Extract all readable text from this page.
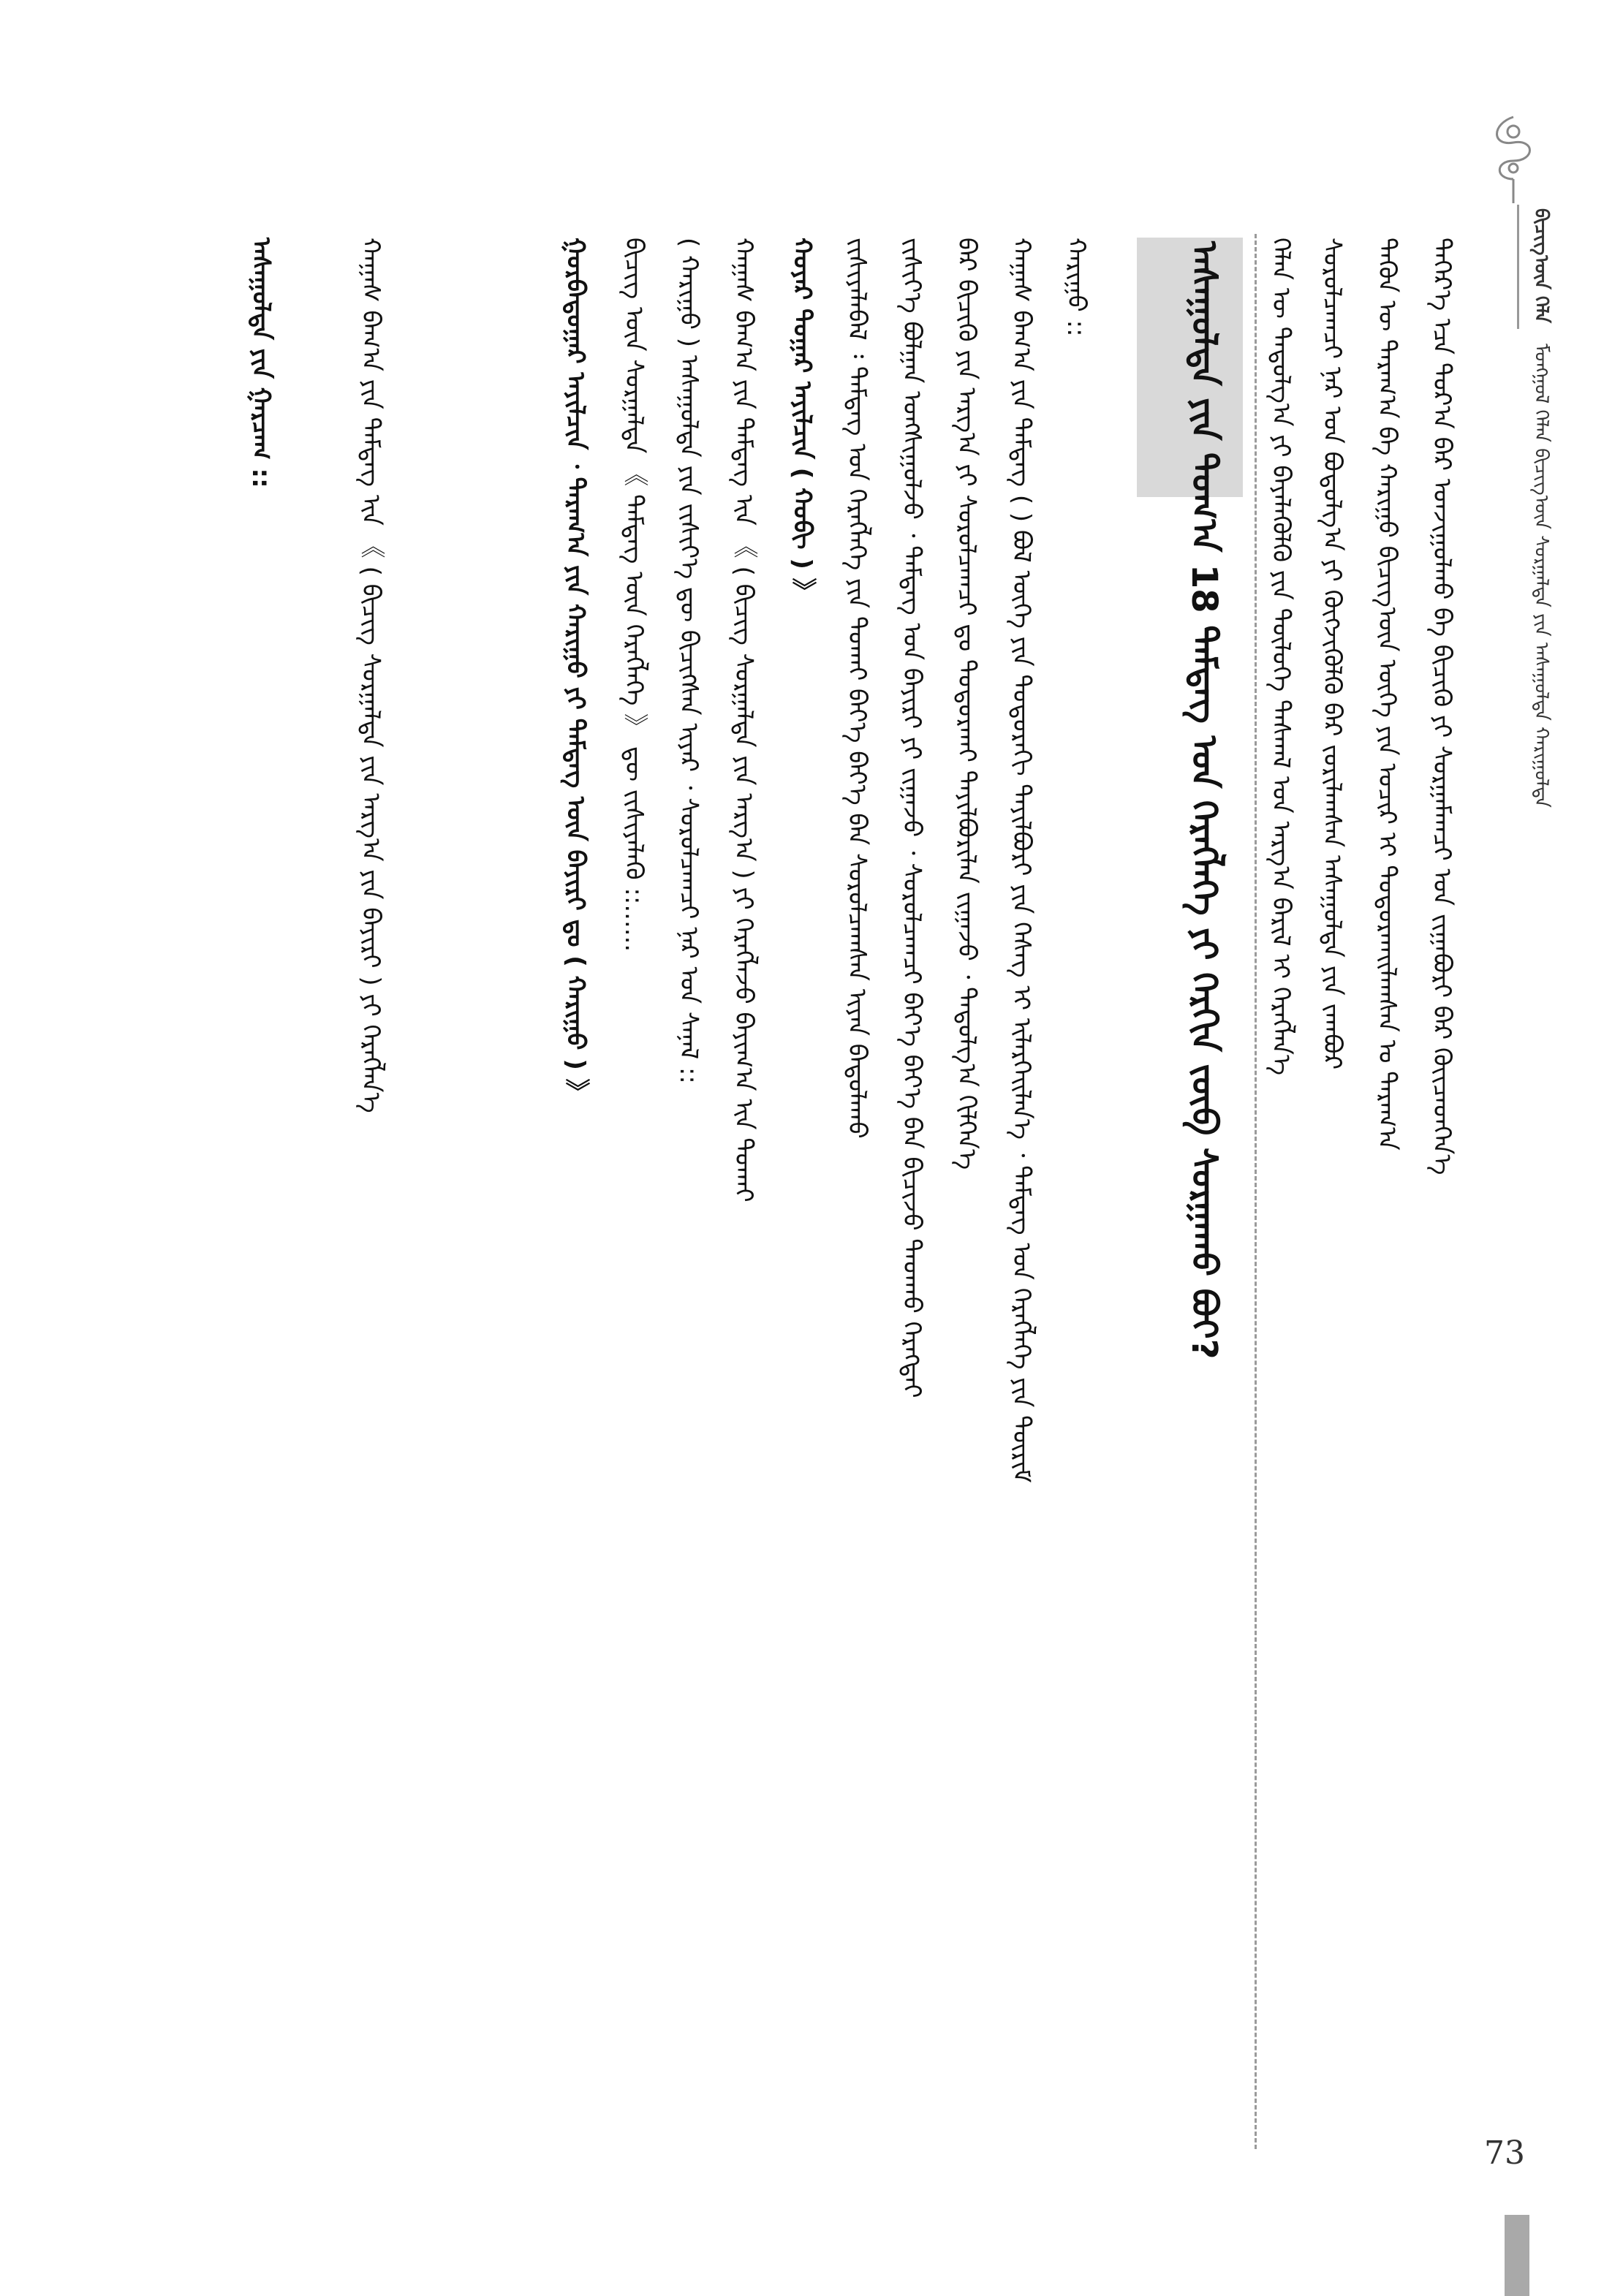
ᠮᠣᠩᠭᠣᠯ ᠬᠡᠯᠡᠨ ᠪᠢᠴᠢᠭ᠎ᠦᠨ ᠰᠤᠷᠭᠠᠯᠲᠠ ᠶᠢᠨ ᠠᠰᠠᠭᠤᠯᠲᠠ ᠬᠠᠷᠢᠭᠤᠯᠲᠠ
ᠪᠢᠴᠢᠭ᠎ᠦᠨ ᠬᠡᠯᠡ
ᠳᠡᠭᠡᠷ᠎ᠡ ᠡᠴᠡ ᠳᠤᠷ᠎ᠠ ᠪᠠᠷ ᠤᠨᠵᠢᠭᠤᠯᠬᠤ ᠪᠠ ᠪᠢᠴᠢᠬᠦ ᠶᠢ ᠰᠤᠷᠭᠠᠮᠠᠭᠴᠢ ᠤᠨ ᠵᠢᠭᠠᠪᠤᠷᠢ ᠪᠠᠷ ᠭᠦᠢᠴᠡᠳᠬᠡᠨ᠎ᠡ
ᠲᠡᠭᠦᠨ ᠦ ᠳᠠᠷᠠᠭ᠎ᠠ ᠪᠠ ᠬᠠᠷᠢᠭᠤ ᠪᠢᠴᠢᠭ᠎ᠦᠨ ᠦᠭᠡ ᠶᠢᠨ ᠤᠴᠢᠷ ᠢ ᠲᠣᠳᠣᠷᠬᠠᠢᠯᠠᠭᠰᠠᠨ ᠤ ᠳᠠᠷᠠᠭ᠎ᠠ
ᠰᠤᠷᠤᠯᠴᠠᠭᠴᠢ ᠨᠠᠷ ᠤᠨ ᠪᠤᠳᠤᠯᠭ᠎ᠠ ᠶᠢ ᠬᠥᠭᠵᠢᠭᠦᠯᠬᠦ ᠪᠠᠷ ᠵᠣᠷᠢᠯᠠᠭᠰᠠᠨ ᠠᠰᠠᠭᠤᠯᠲᠠ ᠶᠢᠨ ᠵᠠᠭᠪᠤᠷ
ᠬᠡᠯᠡᠨ ᠦ ᠳᠠᠳᠤᠯᠭ᠎ᠠ ᠶᠢ ᠪᠡᠶᠡᠯᠡᠭᠦᠯᠬᠦ ᠶᠢᠨ ᠲᠥᠯᠥᠭᠡ ᠳᠠᠰᠬᠠᠯ ᠤᠨ ᠠᠷᠭ᠎ᠠ ᠪᠠᠷᠢᠯ ᠢ ᠬᠡᠷᠡᠭᠯᠡᠨ᠎ᠡ
ᠠᠰᠠᠭᠤᠯᠲᠠ ᠶᠢᠨ ᠲᠣᠭ᠎ᠠ 18 ᠲᠡᠮᠳᠡᠭ᠌ ᠤᠨ ᠬᠡᠷᠡᠭᠯᠡᠭᠡ ᠶᠢ ᠬᠡᠷᠬᠢᠨ ᠵᠥᠪ ᠰᠤᠷᠭᠠᠬᠤ ᠪᠤᠢ?
ᠬᠠᠷᠢᠭᠤ ::
ᠬᠠᠭᠠᠰ ᠪᠠᠭ᠎ᠠ ᠶᠢᠨ ᠲᠡᠮᠳᠡᠭ ( ) ᠪᠣᠯ ᠦᠭᠡ ᠶᠢᠨ ᠳᠣᠲᠣᠷᠠᠬᠢ ᠲᠠᠶᠢᠯᠪᠤᠷᠢ ᠶᠢᠨ ᠬᠡᠰᠡᠭ ᠢ ᠢᠯᠡᠷᠬᠡᠢᠯᠡᠨ᠎ᠡ ᠂ ᠲᠡᠮᠳᠡᠭ᠌ ᠤᠨ ᠬᠡᠷᠡᠭᠯᠡᠭᠡ ᠶᠢᠨ ᠳᠦᠷᠢᠮ
ᠪᠠᠷ ᠪᠢᠴᠢᠬᠦ ᠶᠢᠨ ᠠᠷᠭ᠎ᠠ ᠶᠢ ᠰᠤᠷᠤᠯᠴᠠᠭᠴᠢ ᠳᠤ ᠲᠣᠳᠣᠷᠬᠠᠢ ᠲᠠᠶᠢᠯᠪᠤᠷᠢᠯᠠᠨ ᠵᠢᠭᠠᠵᠤ ᠂ ᠳᠠᠳᠤᠯᠭ᠎ᠠ ᠬᠢᠯᠭᠡᠨ᠎ᠡ
ᠵᠢᠱᠢᠶ᠎ᠡ ᠪᠣᠯᠭᠠᠨ ᠤᠩᠰᠢᠭᠤᠯᠵᠤ ᠂ ᠲᠡᠮᠳᠡᠭ᠌ ᠤᠨ ᠪᠠᠶᠢᠷᠢ ᠶᠢ ᠵᠢᠭᠠᠵᠤ ᠂ ᠰᠤᠷᠤᠯᠴᠠᠭᠴᠢ ᠪᠡᠶ᠎ᠡ ᠪᠡᠶ᠎ᠡ ᠪᠡᠨ ᠪᠢᠴᠢᠵᠦ ᠳᠠᠳᠬᠤ ᠬᠡᠷᠡᠭᠲᠡᠢ
ᠵᠢᠱᠢᠶᠡᠯᠡᠪᠡᠯ ᠄ ᠲᠡᠮᠳᠡᠭ᠌ ᠤᠨ ᠬᠡᠷᠡᠭᠯᠡᠭᠡ ᠶᠢᠨ ᠲᠤᠬᠠᠢ ᠪᠡᠶ᠎ᠡ ᠪᠡᠶ᠎ᠡ ᠪᠡᠨ ᠰᠤᠷᠤᠯᠴᠠᠭᠰᠠᠨ ᠢᠶᠠᠨ ᠪᠠᠲᠤᠯᠠᠬᠤ
ᠬᠣᠶᠠᠷ ᠳᠤᠭᠠᠷ ᠠᠶᠢᠯᠴᠢᠨ ( ᠬᠤᠪᠢ ) 》
ᠬᠠᠭᠠᠰ ᠪᠠᠭ᠎ᠠ ᠶᠢᠨ ᠲᠡᠮᠳᠡᠭ ᠢᠨ 《 ( ᠪᠢᠴᠢᠭ᠌ ᠰᠤᠷᠭᠠᠯᠲᠠ ᠶᠢᠨ ᠠᠷᠭ᠎ᠠ ) ᠶᠢ ᠬᠡᠷᠡᠭᠯᠡᠵᠦ ᠪᠠᠶᠢᠭ᠎ᠠ ᠢᠨ ᠲᠤᠬᠠᠢ
( ᠬᠠᠷᠢᠭᠤ ) ᠠᠰᠠᠭᠤᠯᠲᠠ ᠶᠢᠨ ᠵᠢᠱᠢᠶ᠎ᠡ ᠳᠦ ᠪᠢᠴᠢᠭᠰᠡᠨ ᠢᠶᠠᠷ ᠂ ᠰᠤᠷᠤᠯᠴᠠᠭᠴᠢ ᠨᠠᠷ ᠤᠨ ᠰᠠᠨᠠᠯ ::
ᠪᠢᠴᠢᠭ᠌ ᠦᠨ ᠰᠤᠷᠭᠠᠯᠲᠠ 《 ᠲᠡᠮᠳᠡᠭ᠌ ᠦᠨ ᠬᠡᠷᠡᠭᠯᠡᠭᠡ 》 ᠳᠦ ᠵᠢᠱᠢᠶᠡᠯᠡᠬᠦ ::......
ᠭᠤᠷᠪᠠᠳᠤᠭᠠᠷ ᠠᠶᠢᠯᠴᠢᠨ ᠂ ᠳᠠᠷᠠᠭ᠎ᠠ ᠶᠢᠨ ᠬᠠᠷᠢᠭᠤ ᠶᠢ ᠲᠡᠮᠳᠡᠭ᠌ ᠦᠨ ᠪᠠᠶᠢᠷᠢ ᠳᠤ ( ᠬᠠᠷᠢᠭᠤ ) 》
ᠬᠠᠭᠠᠰ ᠪᠠᠭ᠎ᠠ ᠶᠢᠨ ᠲᠡᠮᠳᠡᠭ ᠢᠨ 《 ( ᠪᠢᠴᠢᠭ᠌ ᠰᠤᠷᠭᠠᠯᠲᠠ ᠶᠢᠨ ᠠᠷᠭ᠎ᠠ ᠶᠢᠨ ᠪᠠᠶᠢᠷᠢ ) ᠶᠢ ᠬᠡᠷᠡᠭᠯᠡᠨ᠎ᠡ
ᠠᠰᠠᠭᠤᠯᠲᠠ ᠶᠢᠨ ᠭᠠᠷᠴᠠᠭ ::
73
